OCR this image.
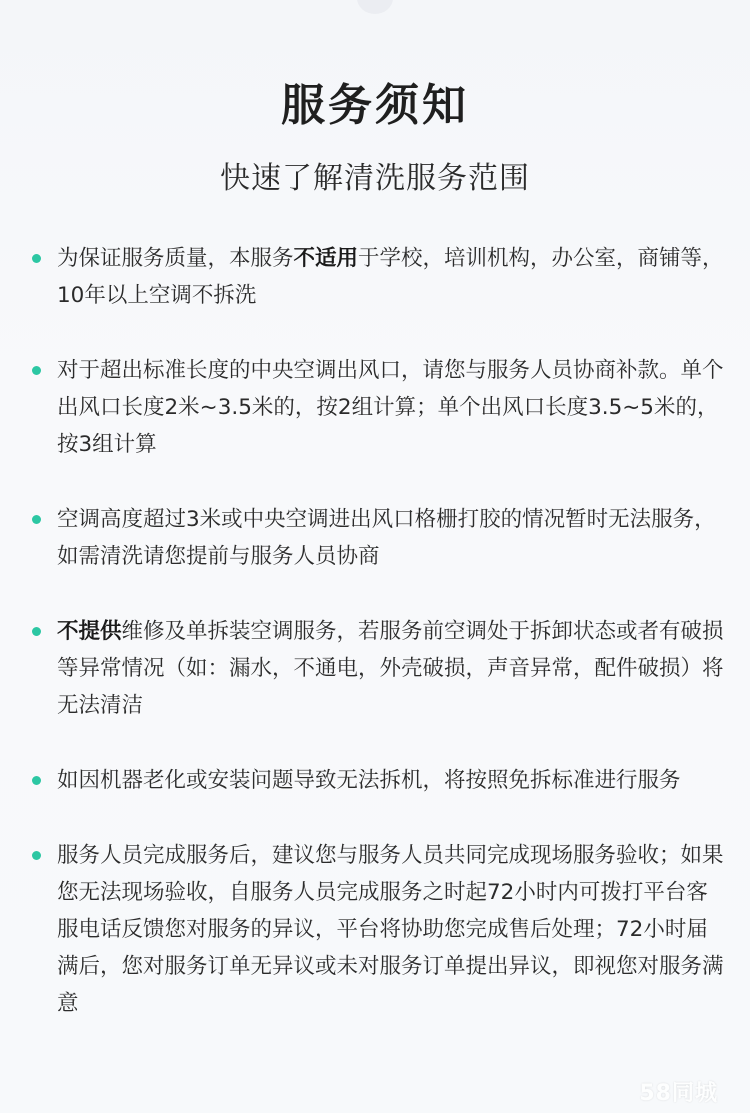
服务须知
快速了解清洗服务范围
为保证服务质量，本服务不适用于学校，培训机构，办公室，商铺等，10年以上空调不拆洗
对于超出标准长度的中央空调出风口，请您与服务人员协商补款。单个出风口长度2米~3.5米的，按2组计算；单个出风口长度3.5~5米的，按3组计算
空调高度超过3米或中央空调进出风口格栅打胶的情况暂时无法服务，如需清洗请您提前与服务人员协商
不提供维修及单拆装空调服务，若服务前空调处于拆卸状态或者有破损等异常情况（如：漏水，不通电，外壳破损，声音异常，配件破损）将无法清洁
如因机器老化或安装问题导致无法拆机，将按照免拆标准进行服务
服务人员完成服务后，建议您与服务人员共同完成现场服务验收；如果您无法现场验收，自服务人员完成服务之时起72小时内可拨打平台客服电话反馈您对服务的异议，平台将协助您完成售后处理；72小时届满后，您对服务订单无异议或未对服务订单提出异议，即视您对服务满意
58同城
